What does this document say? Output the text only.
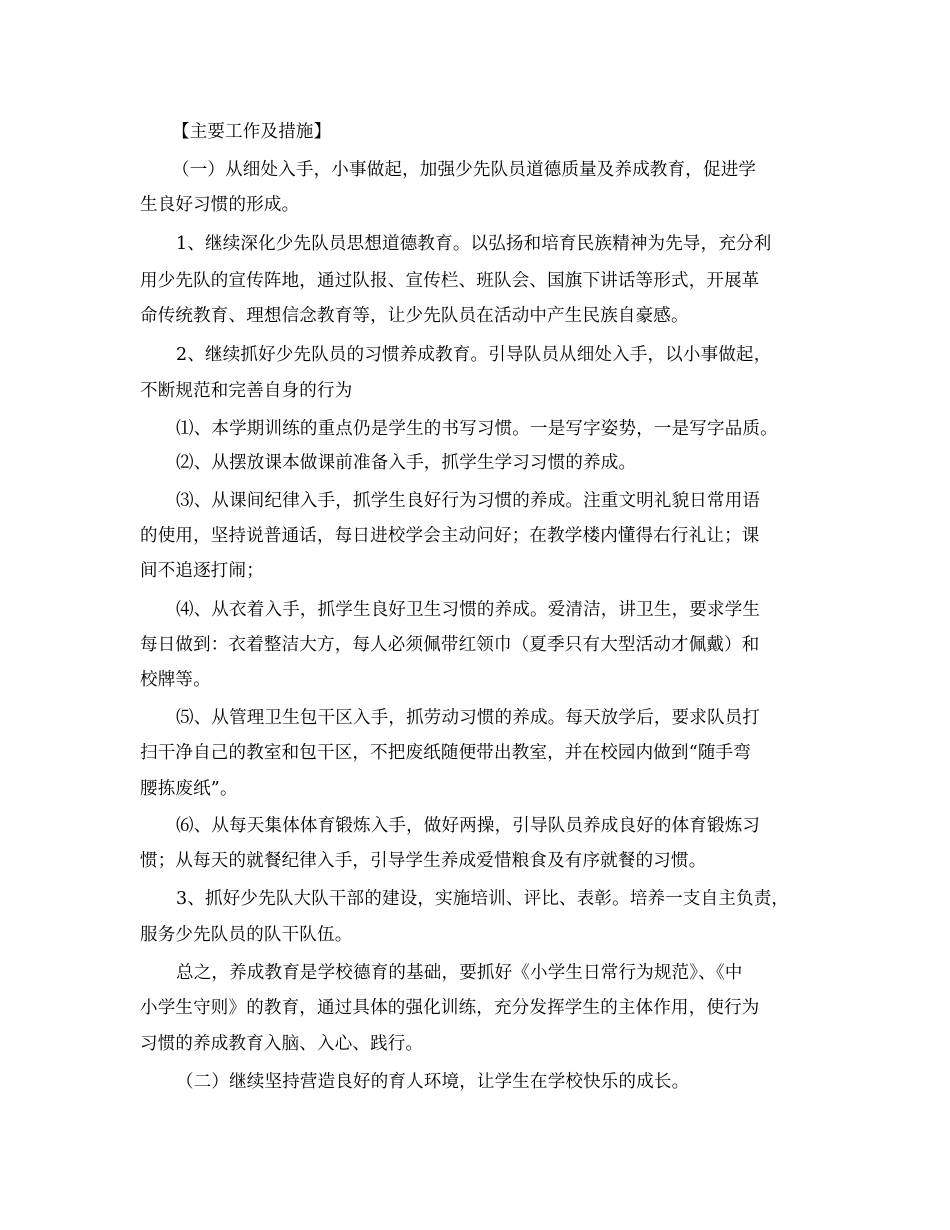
【主要工作及措施】

（一）从细处入手，小事做起，加强少先队员道德质量及养成教育，促进学

生良好习惯的形成。

1、继续深化少先队员思想道德教育。以弘扬和培育民族精神为先导，充分利

用少先队的宣传阵地，通过队报、宣传栏、班队会、国旗下讲话等形式，开展革

命传统教育、理想信念教育等，让少先队员在活动中产生民族自豪感。

2、继续抓好少先队员的习惯养成教育。引导队员从细处入手，以小事做起，

不断规范和完善自身的行为

⑴、本学期训练的重点仍是学生的书写习惯。一是写字姿势，一是写字品质。

⑵、从摆放课本做课前准备入手，抓学生学习习惯的养成。

⑶、从课间纪律入手，抓学生良好行为习惯的养成。注重文明礼貌日常用语

的使用，坚持说普通话，每日进校学会主动问好；在教学楼内懂得右行礼让；课

间不追逐打闹；

⑷、从衣着入手，抓学生良好卫生习惯的养成。爱清洁，讲卫生，要求学生

每日做到：衣着整洁大方，每人必须佩带红领巾（夏季只有大型活动才佩戴）和

校牌等。

⑸、从管理卫生包干区入手，抓劳动习惯的养成。每天放学后，要求队员打

扫干净自己的教室和包干区，不把废纸随便带出教室，并在校园内做到“随手弯

腰拣废纸”。

⑹、从每天集体体育锻炼入手，做好两操，引导队员养成良好的体育锻炼习

惯；从每天的就餐纪律入手，引导学生养成爱惜粮食及有序就餐的习惯。

3、抓好少先队大队干部的建设，实施培训、评比、表彰。培养一支自主负责，

服务少先队员的队干队伍。

总之，养成教育是学校德育的基础，要抓好《小学生日常行为规范》、《中

小学生守则》的教育，通过具体的强化训练，充分发挥学生的主体作用，使行为

习惯的养成教育入脑、入心、践行。

（二）继续坚持营造良好的育人环境，让学生在学校快乐的成长。
